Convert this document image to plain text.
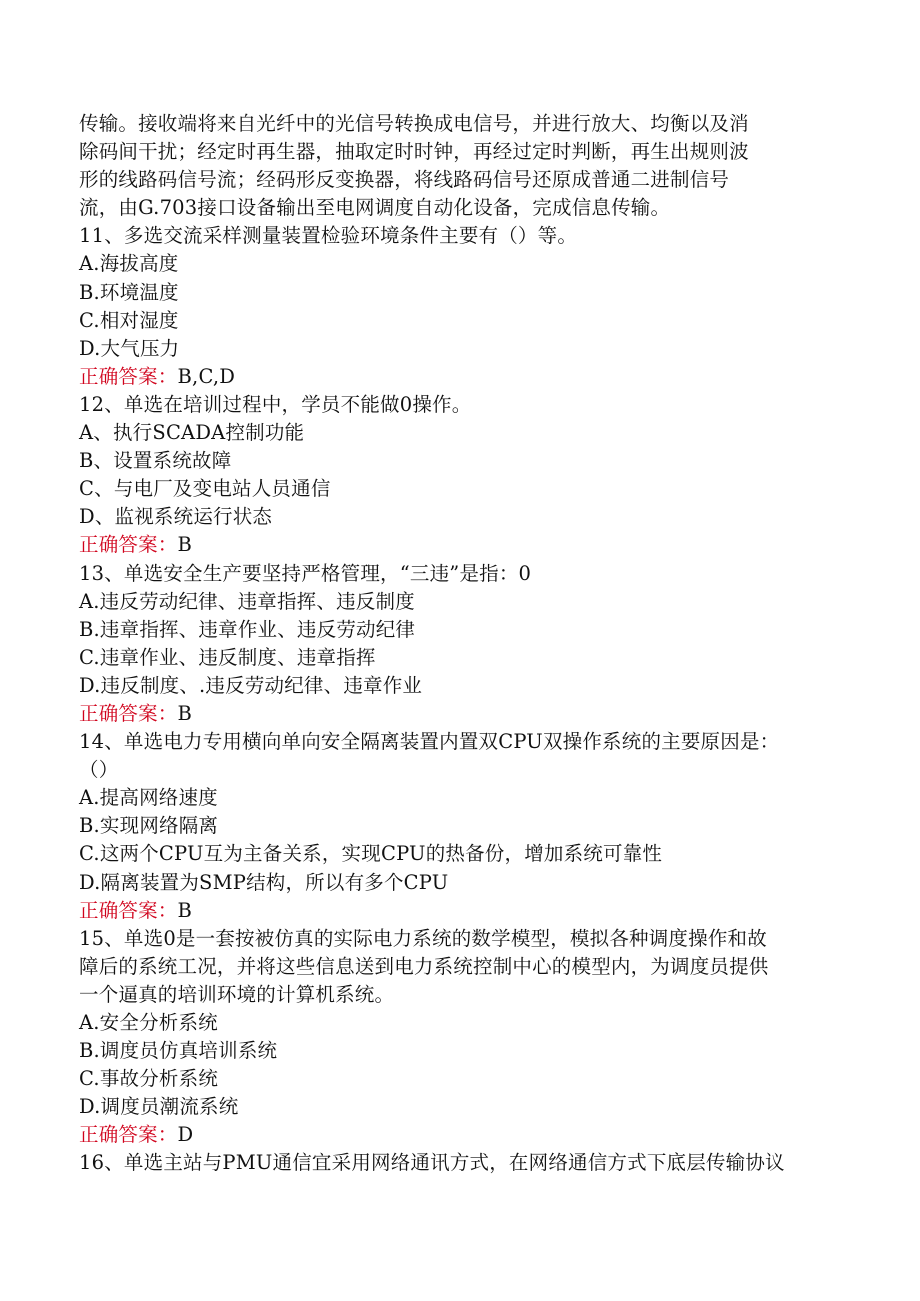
传输。接收端将来自光纤中的光信号转换成电信号，并进行放大、均衡以及消
除码间干扰；经定时再生器，抽取定时时钟，再经过定时判断，再生出规则波
形的线路码信号流；经码形反变换器，将线路码信号还原成普通二进制信号
流，由G.703接口设备输出至电网调度自动化设备，完成信息传输。
11、多选交流采样测量装置检验环境条件主要有（）等。
A.海拔高度
B.环境温度
C.相对湿度
D.大气压力
正确答案：B,C,D
12、单选在培训过程中，学员不能做0操作。
A、执行SCADA控制功能
B、设置系统故障
C、与电厂及变电站人员通信
D、监视系统运行状态
正确答案：B
13、单选安全生产要坚持严格管理，“三违”是指：0
A.违反劳动纪律、违章指挥、违反制度
B.违章指挥、违章作业、违反劳动纪律
C.违章作业、违反制度、违章指挥
D.违反制度、.违反劳动纪律、违章作业
正确答案：B
14、单选电力专用横向单向安全隔离装置内置双CPU双操作系统的主要原因是：
（）
A.提高网络速度
B.实现网络隔离
C.这两个CPU互为主备关系，实现CPU的热备份，增加系统可靠性
D.隔离装置为SMP结构，所以有多个CPU
正确答案：B
15、单选0是一套按被仿真的实际电力系统的数学模型，模拟各种调度操作和故
障后的系统工况，并将这些信息送到电力系统控制中心的模型内，为调度员提供
一个逼真的培训环境的计算机系统。
A.安全分析系统
B.调度员仿真培训系统
C.事故分析系统
D.调度员潮流系统
正确答案：D
16、单选主站与PMU通信宜采用网络通讯方式，在网络通信方式下底层传输协议
